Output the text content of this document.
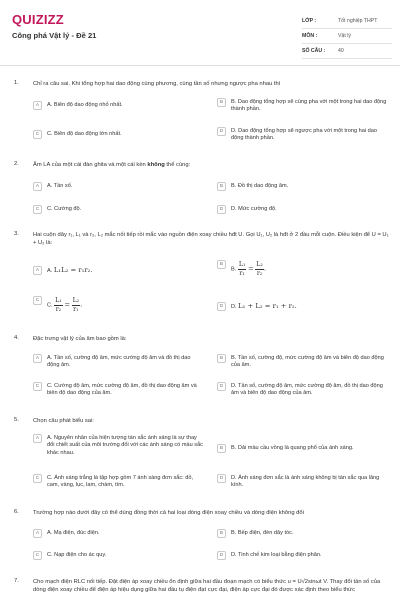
QUIZIZZ
Công phá Vật lý - Đề 21
LỚP :	Tốt nghiệp THPT
MÔN :	Vật lý
SỐ CÂU :	40
1. Chỉ ra câu sai. Khi tổng hợp hai dao động cùng phương, cùng tần số nhưng ngược pha nhau thì
A	A. Biên độ dao động nhỏ nhất.	B	B. Dao động tổng hợp sẽ cùng pha với một trong hai dao động thành phần.
C	C. Biên độ dao động lớn nhất.	D	D. Dao động tổng hợp sẽ ngược pha với một trong hai dao động thành phần.
2. Âm LA của một cái đàn ghita và một cái kèn không thể cùng:
A	A. Tần số.	B	B. Đồ thị dao động âm.
C	C. Cường độ.	D	D. Mức cường độ.
3. Hai cuộn dây r₁, L₁ và r₂, L₂ mắc nối tiếp rồi mắc vào nguồn điện xoay chiều hđt U. Gọi U₁, U₂ là hđt ở 2 đầu mỗi cuộn. Điều kiện để U = U₁ + U₂ là:
A	A. L₁L₂ = r₁r₂.
B
B. $\frac{\text{L₁}}{\text{r₁}} = \frac{\text{L₂}}{\text{r₂}}$ .
C
C. $\frac{\text{L₁}}{\text{r₂}} = \frac{\text{L₂}}{\text{r₁}}$ .	D	D. L₁ + L₂ = r₁ + r₂.
4. Đặc trưng vật lý của âm bao gồm là:
A	A. Tần số, cường độ âm, mức cường độ âm và đồ thị dao động âm.
B	B. Tần số, cường độ, mức cường độ âm và biên độ dao động của âm.
C	C. Cường độ âm, mức cường độ âm, đồ thị dao động âm và biên độ dao động của âm.
D	D. Tần số, cường độ âm, mức cường độ âm, đồ thị dao động âm và biên độ dao động của âm.
5. Chọn câu phát biểu sai:
A	A. Nguyên nhân của hiện tượng tán sắc ánh sáng là sự thay đổi chiết suất của môi trường đối với các ánh sáng có màu sắc khác nhau.
B	B. Dải màu cầu vồng là quang phổ của ánh sáng.
C	C. Ánh sáng trắng là tập hợp gồm 7 ánh sáng đơn sắc: đỏ, cam, vàng, lục, lam, chàm, tím.
D	D. Ánh sáng đơn sắc là ánh sáng không bị tán sắc qua lăng kính.
6. Trường hợp nào dưới đây có thể dùng đồng thời cả hai loại dòng điện xoay chiều và dòng điện không đổi
A	A. Mạ điện, đúc điện.	B	B. Bếp điện, đèn dây tóc.
C	C. Nạp điện cho ác quy.	D	D. Tinh chế kim loại bằng điện phân.
7. Cho mạch điện RLC nối tiếp. Đặt điện áp xoay chiều ổn định giữa hai đầu đoạn mạch có biểu thức u = U√2sinωt V. Thay đổi tần số của dòng điện xoay chiều để điện áp hiệu dụng giữa hai đầu tụ điện đạt cực đại, điện áp cực đại đó được xác định theo biểu thức
